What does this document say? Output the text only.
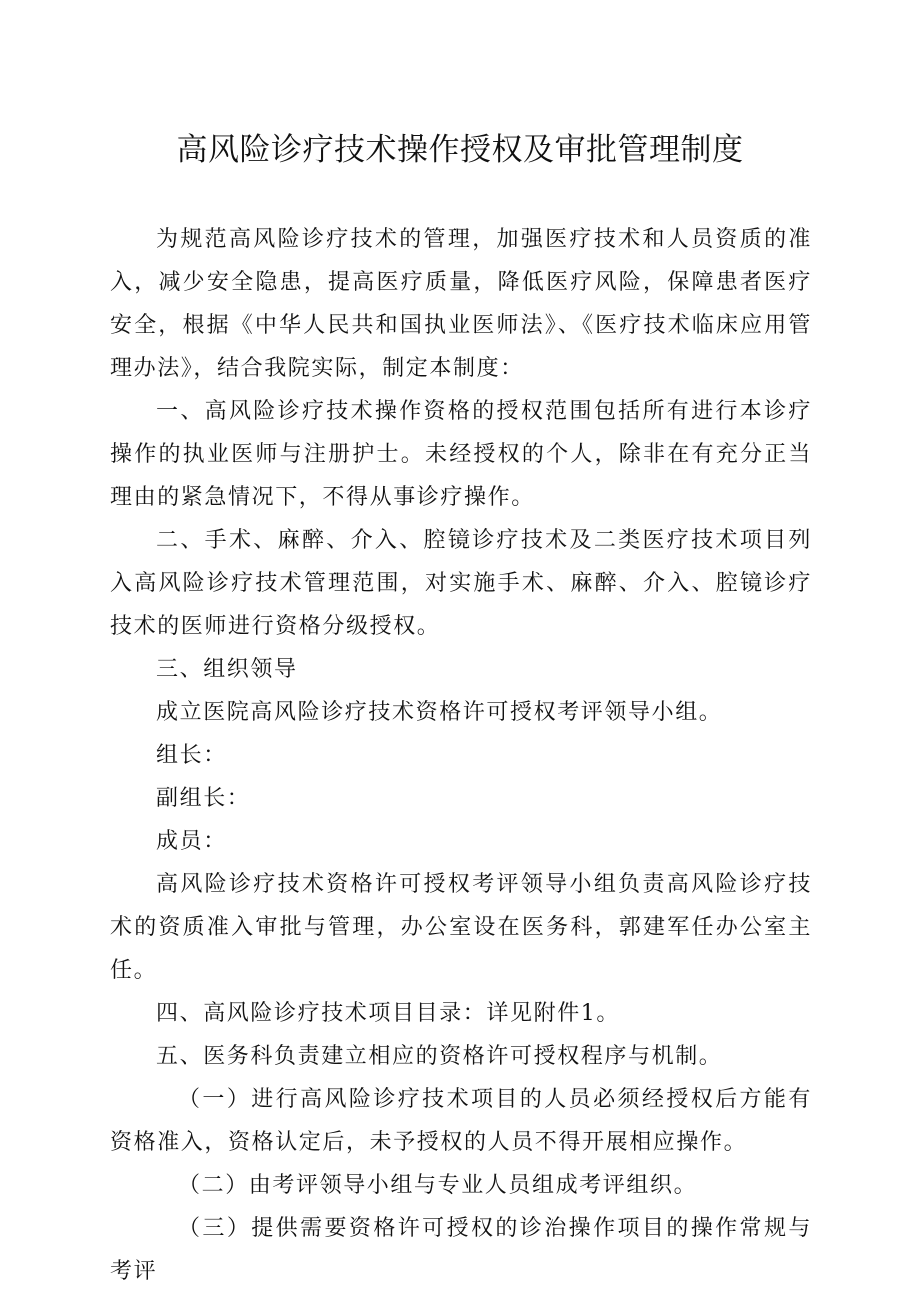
高风险诊疗技术操作授权及审批管理制度

为规范高风险诊疗技术的管理，加强医疗技术和人员资质的准入，减少安全隐患，提高医疗质量，降低医疗风险，保障患者医疗安全，根据《中华人民共和国执业医师法》、《医疗技术临床应用管理办法》，结合我院实际，制定本制度：

一、高风险诊疗技术操作资格的授权范围包括所有进行本诊疗操作的执业医师与注册护士。未经授权的个人，除非在有充分正当理由的紧急情况下，不得从事诊疗操作。

二、手术、麻醉、介入、腔镜诊疗技术及二类医疗技术项目列入高风险诊疗技术管理范围，对实施手术、麻醉、介入、腔镜诊疗技术的医师进行资格分级授权。

三、组织领导

成立医院高风险诊疗技术资格许可授权考评领导小组。

组长：

副组长：

成员：

高风险诊疗技术资格许可授权考评领导小组负责高风险诊疗技术的资质准入审批与管理，办公室设在医务科，郭建军任办公室主任。

四、高风险诊疗技术项目目录：详见附件1。

五、医务科负责建立相应的资格许可授权程序与机制。

（一）进行高风险诊疗技术项目的人员必须经授权后方能有资格准入，资格认定后，未予授权的人员不得开展相应操作。

（二）由考评领导小组与专业人员组成考评组织。

（三）提供需要资格许可授权的诊治操作项目的操作常规与考评
